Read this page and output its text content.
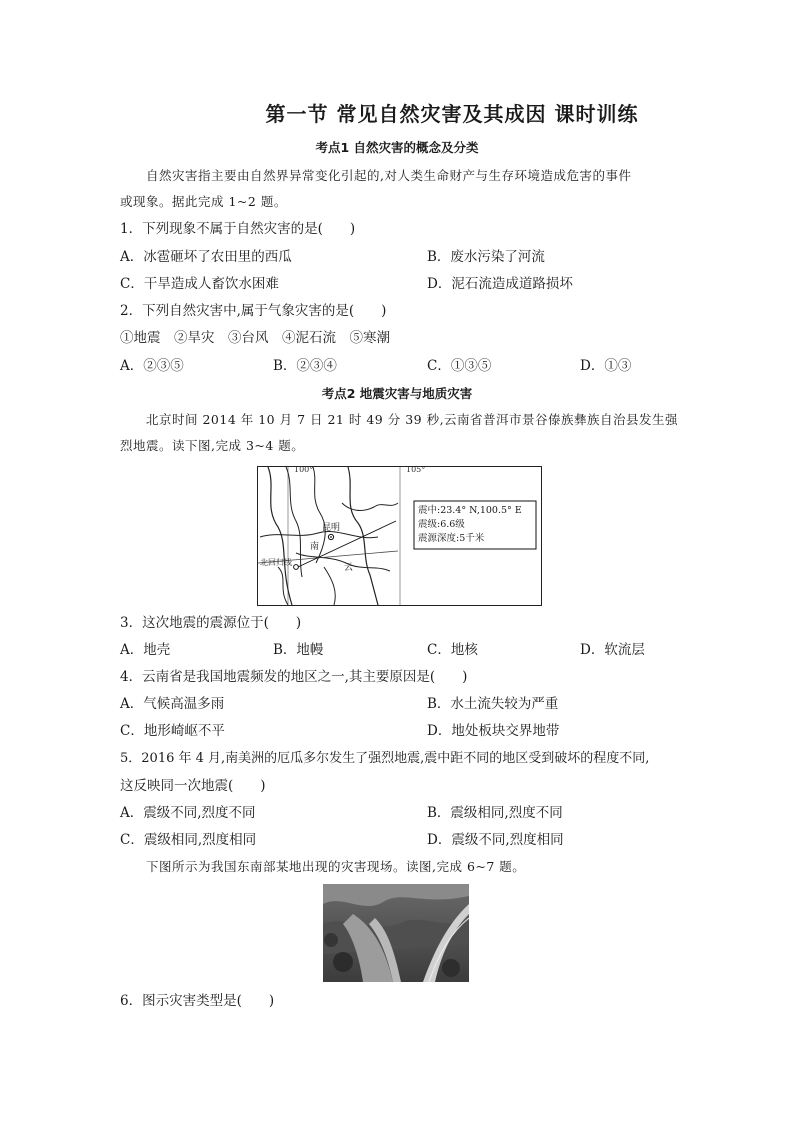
第一节 常见自然灾害及其成因 课时训练
考点1 自然灾害的概念及分类
自然灾害指主要由自然界异常变化引起的,对人类生命财产与生存环境造成危害的事件
或现象。据此完成 1~2 题。
1．下列现象不属于自然灾害的是(　　)
A．冰雹砸坏了农田里的西瓜	B．废水污染了河流
C．干旱造成人畜饮水困难	D．泥石流造成道路损坏
2．下列自然灾害中,属于气象灾害的是(　　)
①地震　②旱灾　③台风　④泥石流　⑤寒潮
A．②③⑤	B．②③④	C．①③⑤	D．①③
考点2 地震灾害与地质灾害
北京时间 2014 年 10 月 7 日 21 时 49 分 39 秒,云南省普洱市景谷傣族彝族自治县发生强
烈地震。读下图,完成 3~4 题。
100°	105°
昆明
南
云
北回归线
震中:23.4° N,100.5° E
震级:6.6级
震源深度:5千米
3．这次地震的震源位于(　　)
A．地壳	B．地幔	C．地核	D．软流层
4．云南省是我国地震频发的地区之一,其主要原因是(　　)
A．气候高温多雨	B．水土流失较为严重
C．地形崎岖不平	D．地处板块交界地带
5．2016 年 4 月,南美洲的厄瓜多尔发生了强烈地震,震中距不同的地区受到破坏的程度不同,
这反映同一次地震(　　)
A．震级不同,烈度不同	B．震级相同,烈度不同
C．震级相同,烈度相同	D．震级不同,烈度相同
下图所示为我国东南部某地出现的灾害现场。读图,完成 6~7 题。
6．图示灾害类型是(　　)
